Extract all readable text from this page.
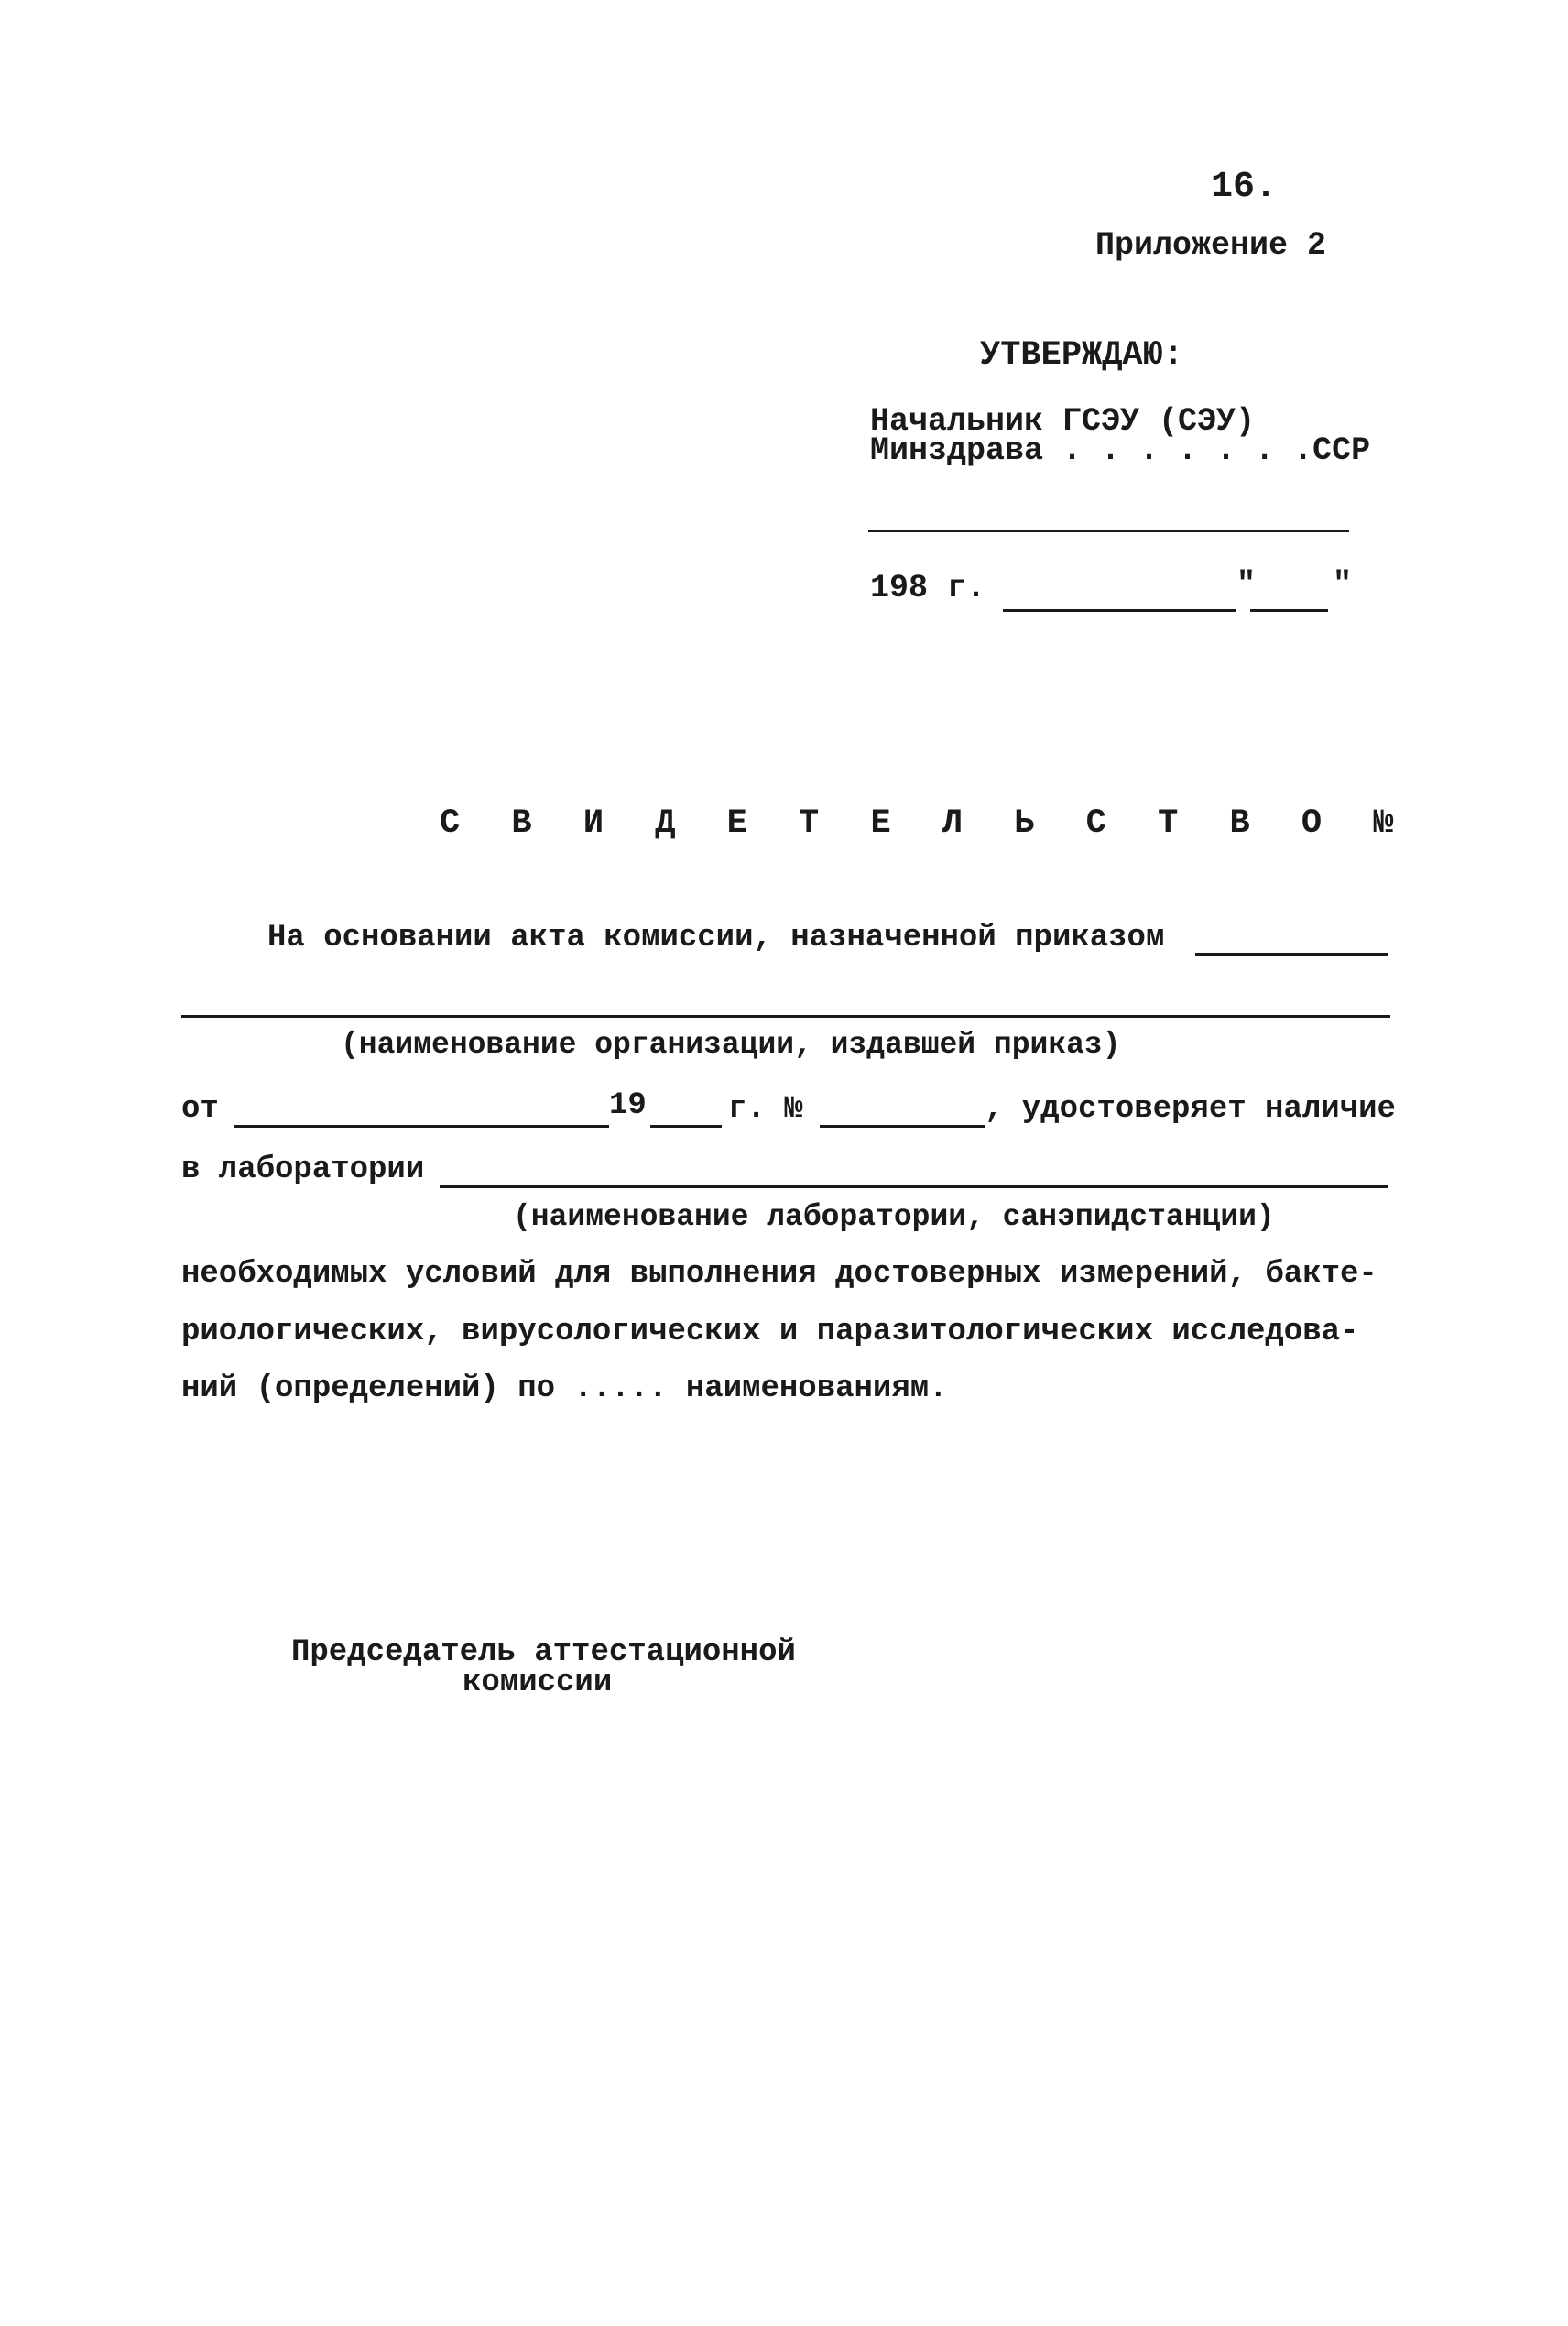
16.
Приложение 2
УТВЕРЖДАЮ:
Начальник ГСЭУ (СЭУ)
Минздрава . . . . . . .ССР
198 г.	" "
С В И Д Е Т Е Л Ь С Т В О №
На основании акта комиссии, назначенной приказом
(наименование организации, издавшей приказ)
от	19	г. №	, удостоверяет наличие
в лаборатории
(наименование лаборатории, санэпидстанции)
необходимых условий для выполнения достоверных измерений, бакте-
риологических, вирусологических и паразитологических исследова-
ний (определений) по ..... наименованиям.
Председатель аттестационной
комиссии
